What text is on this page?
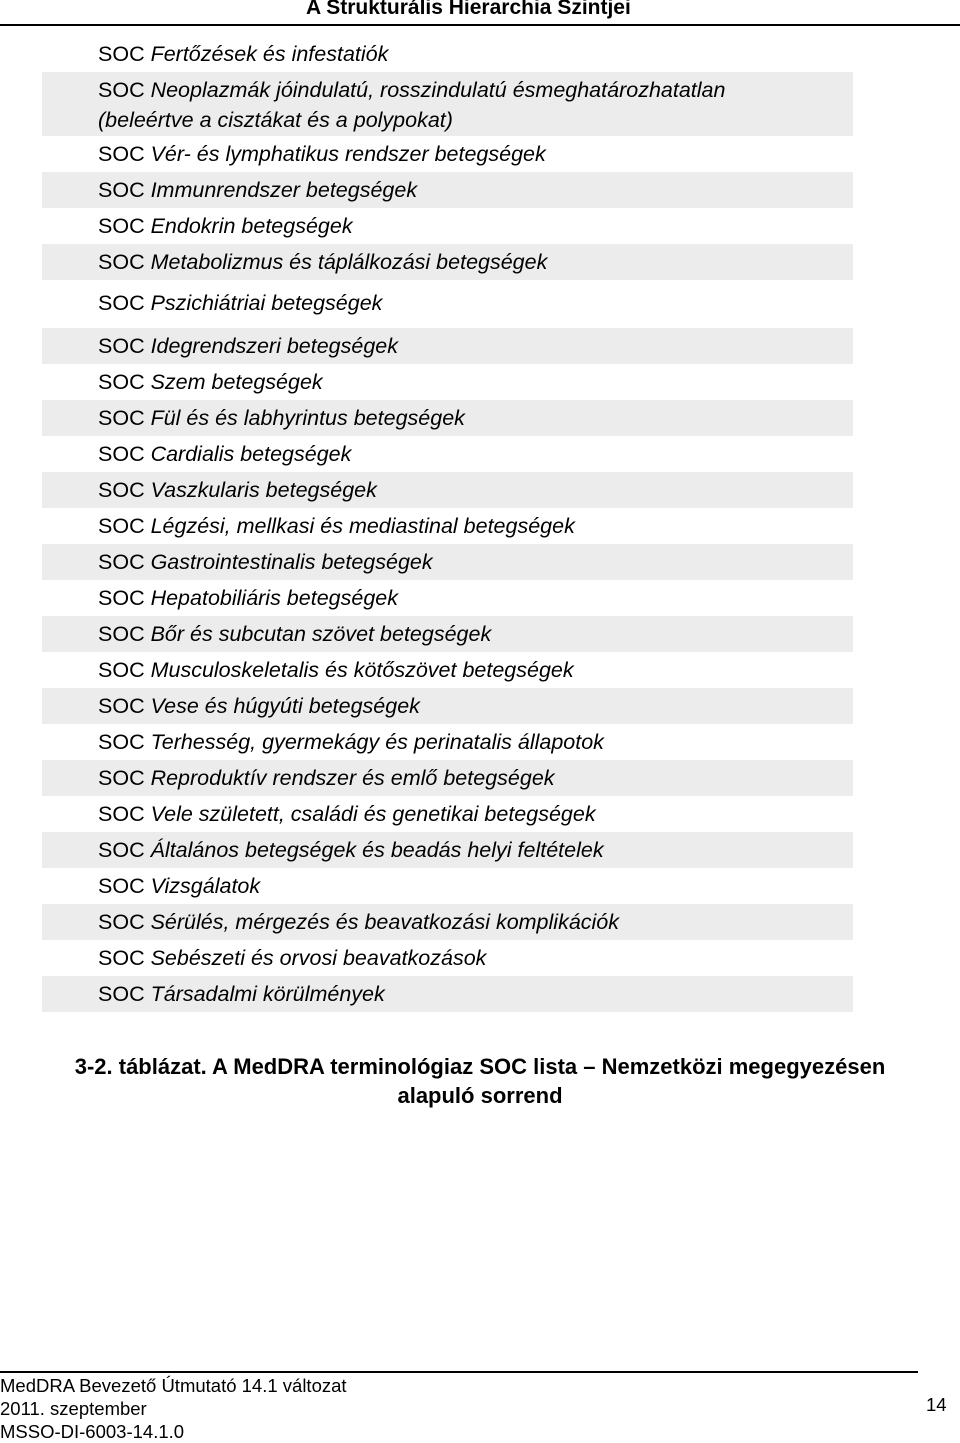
A Strukturális Hierarchia Szintjei
SOC Fertőzések és infestatiók
SOC Neoplazmák jóindulatú, rosszindulatú ésmeghatározhatatlan
(beleértve a cisztákat és a polypokat)
SOC Vér- és lymphatikus rendszer betegségek
SOC Immunrendszer betegségek
SOC Endokrin betegségek
SOC Metabolizmus és táplálkozási betegségek
SOC Pszichiátriai betegségek
SOC Idegrendszeri betegségek
SOC Szem betegségek
SOC Fül és és labhyrintus betegségek
SOC Cardialis betegségek
SOC Vaszkularis betegségek
SOC Légzési, mellkasi és mediastinal betegségek
SOC Gastrointestinalis betegségek
SOC Hepatobiliáris betegségek
SOC Bőr és subcutan szövet betegségek
SOC Musculoskeletalis és kötőszövet betegségek
SOC Vese és húgyúti betegségek
SOC Terhesség, gyermekágy és perinatalis állapotok
SOC Reproduktív rendszer és emlő betegségek
SOC Vele született, családi és genetikai betegségek
SOC Általános betegségek és beadás helyi feltételek
SOC Vizsgálatok
SOC Sérülés, mérgezés és beavatkozási komplikációk
SOC Sebészeti és orvosi beavatkozások
SOC Társadalmi körülmények
3-2. táblázat. A MedDRA terminológiaz SOC lista – Nemzetközi megegyezésen
alapuló sorrend
MedDRA Bevezető Útmutató 14.1 változat
2011. szeptember
MSSO-DI-6003-14.1.0
14
